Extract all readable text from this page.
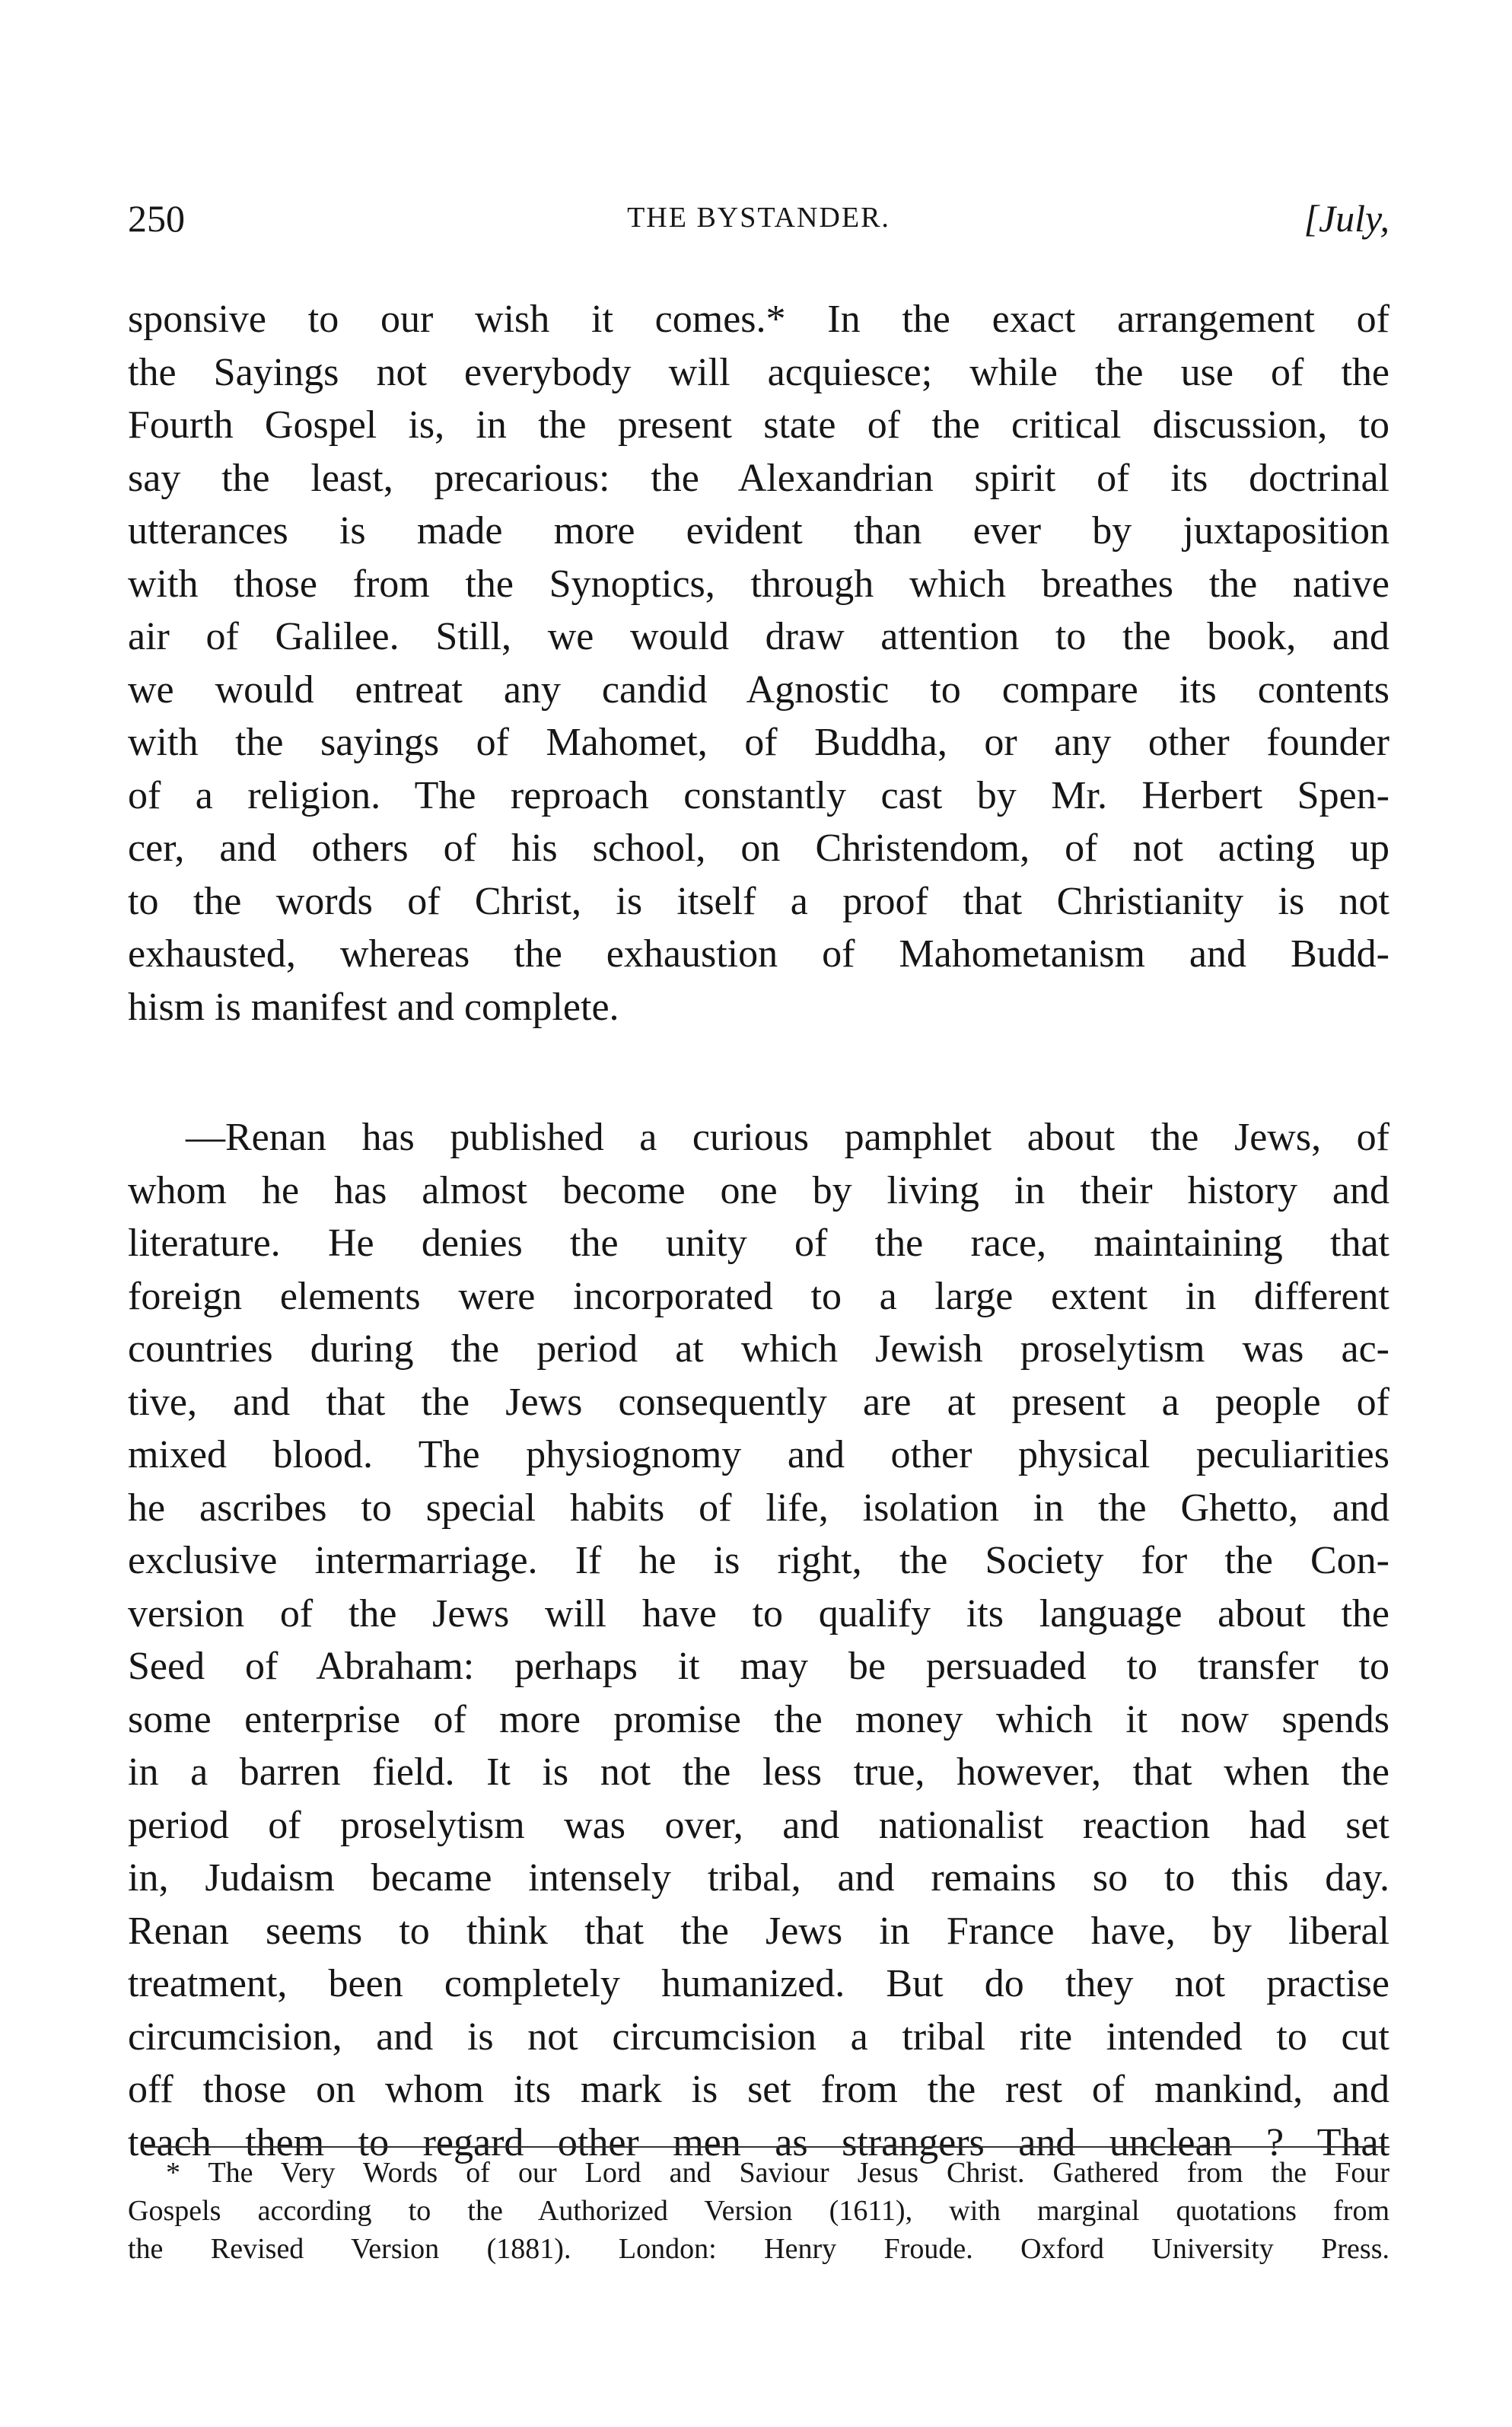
250	THE BYSTANDER.	[July,
sponsive to our wish it comes.* In the exact arrangement of
the Sayings not everybody will acquiesce; while the use of the
Fourth Gospel is, in the present state of the critical discussion, to
say the least, precarious: the Alexandrian spirit of its doctrinal
utterances is made more evident than ever by juxtaposition
with those from the Synoptics, through which breathes the native
air of Galilee. Still, we would draw attention to the book, and
we would entreat any candid Agnostic to compare its contents
with the sayings of Mahomet, of Buddha, or any other founder
of a religion. The reproach constantly cast by Mr. Herbert Spen-
cer, and others of his school, on Christendom, of not acting up
to the words of Christ, is itself a proof that Christianity is not
exhausted, whereas the exhaustion of Mahometanism and Budd-
hism is manifest and complete.
—Renan has published a curious pamphlet about the Jews, of
whom he has almost become one by living in their history and
literature. He denies the unity of the race, maintaining that
foreign elements were incorporated to a large extent in different
countries during the period at which Jewish proselytism was ac-
tive, and that the Jews consequently are at present a people of
mixed blood. The physiognomy and other physical peculiarities
he ascribes to special habits of life, isolation in the Ghetto, and
exclusive intermarriage. If he is right, the Society for the Con-
version of the Jews will have to qualify its language about the
Seed of Abraham: perhaps it may be persuaded to transfer to
some enterprise of more promise the money which it now spends
in a barren field. It is not the less true, however, that when the
period of proselytism was over, and nationalist reaction had set
in, Judaism became intensely tribal, and remains so to this day.
Renan seems to think that the Jews in France have, by liberal
treatment, been completely humanized. But do they not practise
circumcision, and is not circumcision a tribal rite intended to cut
off those on whom its mark is set from the rest of mankind, and
teach them to regard other men as strangers and unclean ? That
* The Very Words of our Lord and Saviour Jesus Christ. Gathered from the Four
Gospels according to the Authorized Version (1611), with marginal quotations from
the Revised Version (1881). London: Henry Froude. Oxford University Press.
